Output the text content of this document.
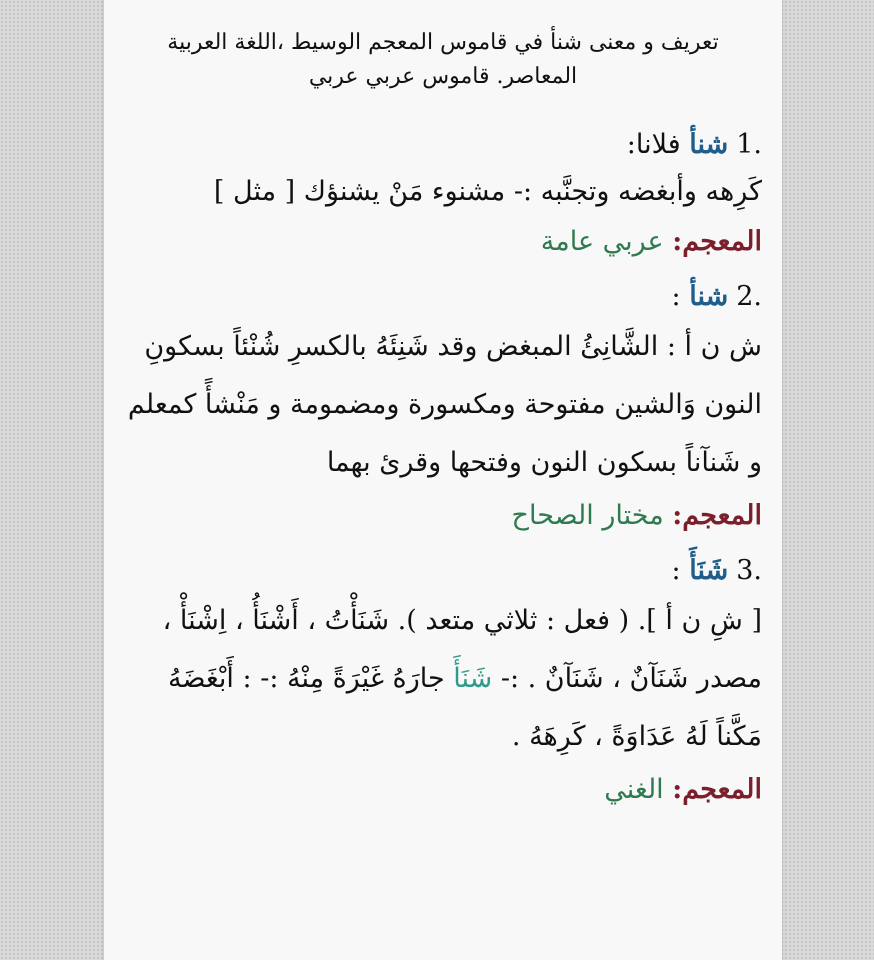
تعريف و معنى شنأ في قاموس المعجم الوسيط ،اللغة العربية المعاصر. قاموس عربي عربي

1.شنأ فلانا:

كَرِهه وأبغضه وتجنَّبه :- مشنوء مَنْ يشنؤك [ مثل ]

المعجم: عربي عامة
2.شنأ :

ش ن أ : الشَّانِئُ المبغض وقد شَنِئَهُ بالكسرِ شُنْئاً بسكونِ النون وَالشين مفتوحة ومكسورة ومضمومة و مَنْشأً كمعلم و شَنآناً بسكون النون وفتحها وقرئ بهما

المعجم: مختار الصحاح
3.شَنَأَ :

[ شِ ن أ ]. ( فعل : ثلاثي متعد ). شَنَأْتُ ، أَشْنَأُ ، اِشْنَأْ ، مصدر شَنَآنٌ ، شَنَآنٌ . :- شَنَأَ جارَهُ غَيْرَةً مِنْهُ :- : أَبْغَضَهُ مَكَّناً لَهُ عَدَاوَةً ، كَرِهَهُ .

المعجم: الغني
